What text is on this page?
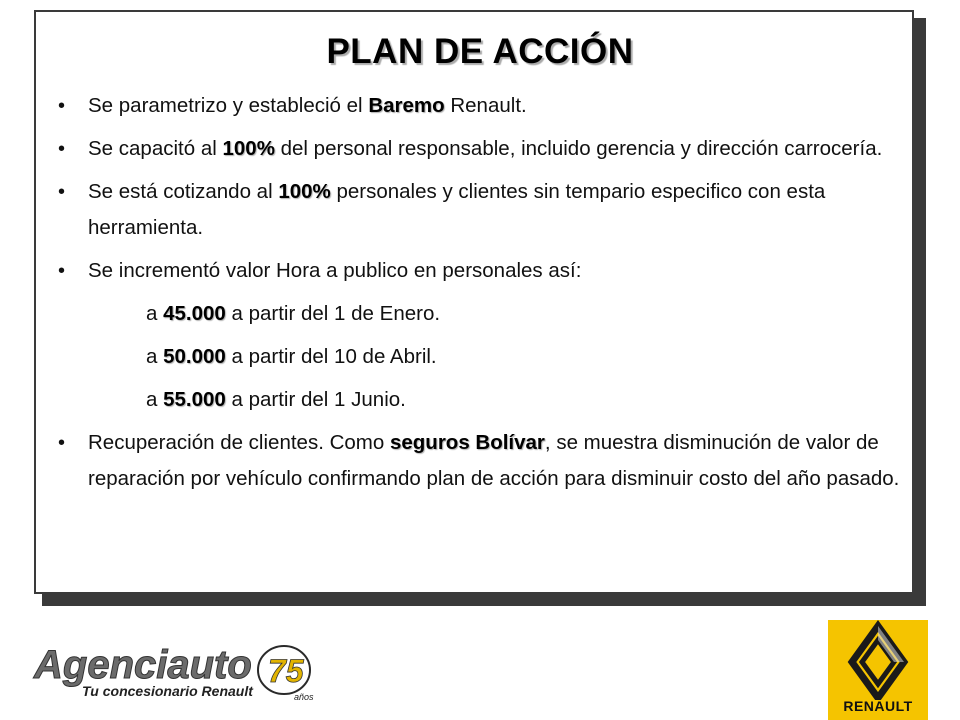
PLAN DE ACCIÓN
• Se parametrizo y estableció el Baremo Renault.
• Se capacitó al 100% del personal responsable, incluido gerencia y dirección carrocería.
• Se está cotizando al 100% personales y clientes sin tempario especifico con esta herramienta.
• Se incrementó valor Hora a publico en personales así:
a 45.000 a partir del 1 de Enero.
a 50.000 a partir del 10 de Abril.
a 55.000 a partir del 1 Junio.
• Recuperación de clientes. Como seguros Bolívar, se muestra disminución de valor de reparación por vehículo confirmando plan de acción para disminuir costo del año pasado.
Agenciauto
Tu concesionario Renault
75
años
RENAULT
